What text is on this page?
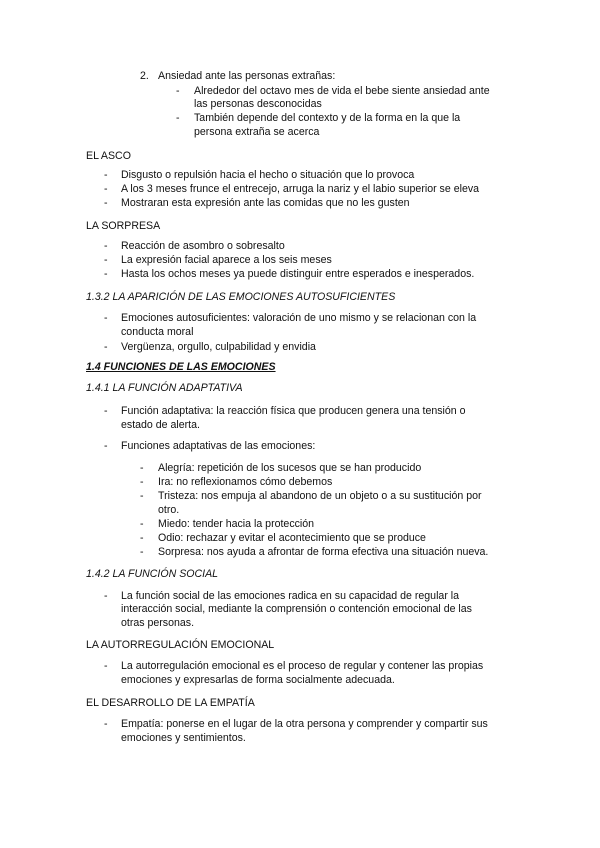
2. Ansiedad ante las personas extrañas:
- Alrededor del octavo mes de vida el bebe siente ansiedad ante
las personas desconocidas
- También depende del contexto y de la forma en la que la
persona extraña se acerca
EL ASCO
- Disgusto o repulsión hacia el hecho o situación que lo provoca
- A los 3 meses frunce el entrecejo, arruga la nariz y el labio superior se eleva
- Mostraran esta expresión ante las comidas que no les gusten
LA SORPRESA
- Reacción de asombro o sobresalto
- La expresión facial aparece a los seis meses
- Hasta los ochos meses ya puede distinguir entre esperados e inesperados.
1.3.2 LA APARICIÓN DE LAS EMOCIONES AUTOSUFICIENTES
- Emociones autosuficientes: valoración de uno mismo y se relacionan con la
conducta moral
- Vergüenza, orgullo, culpabilidad y envidia
1.4 FUNCIONES DE LAS EMOCIONES
1.4.1 LA FUNCIÓN ADAPTATIVA
- Función adaptativa: la reacción física que producen genera una tensión o
estado de alerta.
- Funciones adaptativas de las emociones:
- Alegría: repetición de los sucesos que se han producido
- Ira: no reflexionamos cómo debemos
- Tristeza: nos empuja al abandono de un objeto o a su sustitución por
otro.
- Miedo: tender hacia la protección
- Odio: rechazar y evitar el acontecimiento que se produce
- Sorpresa: nos ayuda a afrontar de forma efectiva una situación nueva.
1.4.2 LA FUNCIÓN SOCIAL
- La función social de las emociones radica en su capacidad de regular la
interacción social, mediante la comprensión o contención emocional de las
otras personas.
LA AUTORREGULACIÓN EMOCIONAL
- La autorregulación emocional es el proceso de regular y contener las propias
emociones y expresarlas de forma socialmente adecuada.
EL DESARROLLO DE LA EMPATÍA
- Empatía: ponerse en el lugar de la otra persona y comprender y compartir sus
emociones y sentimientos.
